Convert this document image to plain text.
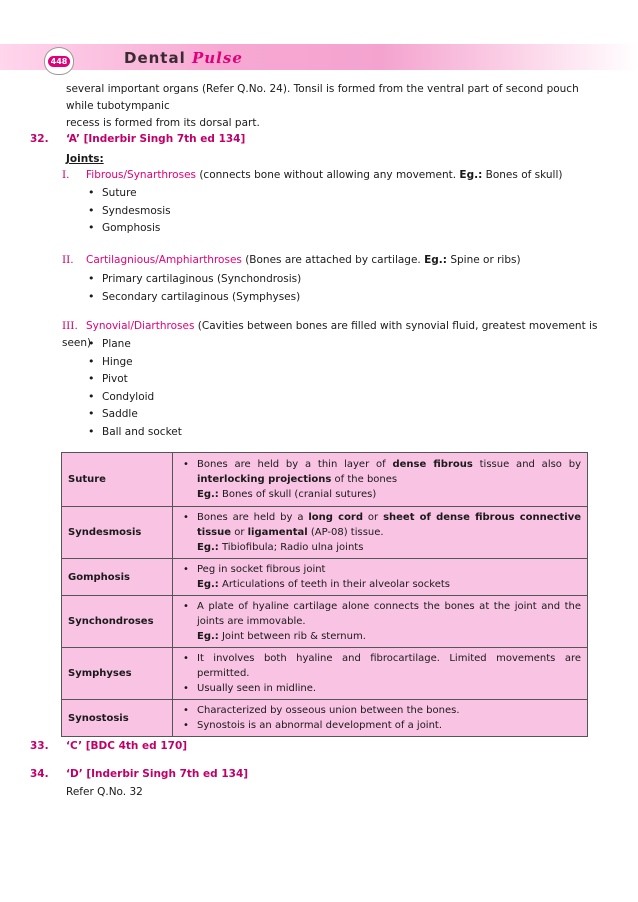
448	Dental Pulse
several important organs (Refer Q.No. 24). Tonsil is formed from the ventral part of second pouch while tubotympanic
recess is formed from its dorsal part.
32. ‘A’ [Inderbir Singh 7th ed 134]
Joints:
I. Fibrous/Synarthroses (connects bone without allowing any movement. Eg.: Bones of skull)
• Suture
• Syndesmosis
• Gomphosis
II. Cartilagnious/Amphiarthroses (Bones are attached by cartilage. Eg.: Spine or ribs)
• Primary cartilaginous (Synchondrosis)
• Secondary cartilaginous (Symphyses)
III. Synovial/Diarthroses (Cavities between bones are filled with synovial fluid, greatest movement is seen)	• Plane
• Hinge
• Pivot
• Condyloid
• Saddle
• Ball and socket
Suture	• Bones are held by a thin layer of dense fibrous tissue and also by interlocking projections of the bones
Eg.: Bones of skull (cranial sutures)

Syndesmosis	• Bones are held by a long cord or sheet of dense fibrous connective tissue or ligamental (AP-08) tissue.
Eg.: Tibiofibula; Radio ulna joints

Gomphosis	• Peg in socket fibrous joint
Eg.: Articulations of teeth in their alveolar sockets

Synchondroses	• A plate of hyaline cartilage alone connects the bones at the joint and the joints are immovable.
Eg.: Joint between rib & sternum.

Symphyses	• It involves both hyaline and fibrocartilage. Limited movements are permitted.
• Usually seen in midline.

Synostosis	• Characterized by osseous union between the bones.
• Synostois is an abnormal development of a joint.
33. ‘C’ [BDC 4th ed 170]
34. ‘D’ [Inderbir Singh 7th ed 134]
Refer Q.No. 32
